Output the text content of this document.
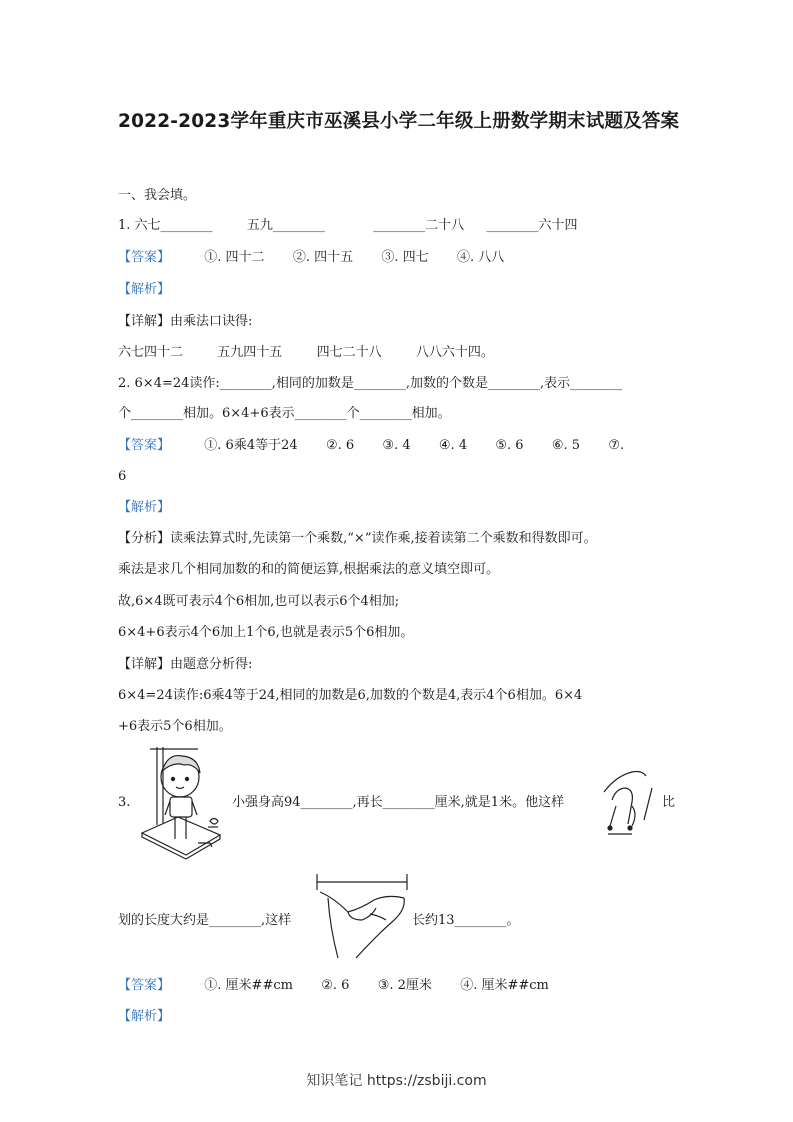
2022-2023学年重庆市巫溪县小学二年级上册数学期末试题及答案
一、我会填。
1. 六七________	五九________	________二十八 ________六十四
【答案】	①. 四十二 ②. 四十五 ③. 四七 ④. 八八
【解析】
【详解】由乘法口诀得:
六七四十二	五九四十五	四七二十八	八八六十四。
2. 6×4=24读作:________,相同的加数是________,加数的个数是________,表示________
个________相加。6×4+6表示________个________相加。
【答案】	①. 6乘4等于24 ②. 6 ③. 4 ④. 4 ⑤. 6 ⑥. 5 ⑦.
6
【解析】
【分析】读乘法算式时,先读第一个乘数,“×”读作乘,接着读第二个乘数和得数即可。
乘法是求几个相同加数的和的简便运算,根据乘法的意义填空即可。
故,6×4既可表示4个6相加,也可以表示6个4相加;
6×4+6表示4个6加上1个6,也就是表示5个6相加。
【详解】由题意分析得:
6×4=24读作:6乘4等于24,相同的加数是6,加数的个数是4,表示4个6相加。6×4
+6表示5个6相加。
3.	小强身高94________,再长________厘米,就是1米。他这样	比
划的长度大约是________,这样	长约13________。
【答案】	①. 厘米##cm ②. 6 ③. 2厘米 ④. 厘米##cm
【解析】
知识笔记 https://zsbiji.com
